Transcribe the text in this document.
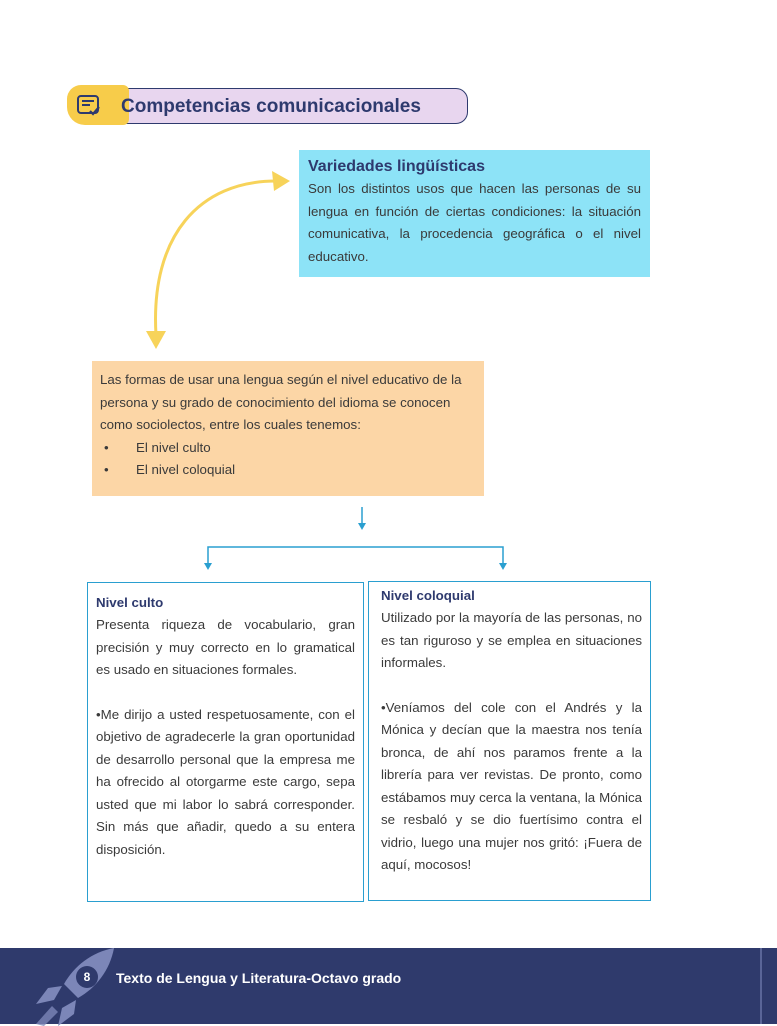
Competencias comunicacionales
Variedades lingüísticas
Son los distintos usos que hacen las personas de su lengua en función de ciertas condiciones: la situación comunicativa, la procedencia geográfica o el nivel educativo.
Las formas de usar una lengua según el nivel educativo de la persona y su grado de conocimiento del idioma se conocen como sociolectos, entre los cuales tenemos:
•	El nivel culto
•	El nivel coloquial
Nivel culto
Presenta riqueza de vocabulario, gran precisión y muy correcto en lo gramatical es usado en situaciones formales.
•Me dirijo a usted respetuosamente, con el objetivo de agradecerle la gran oportunidad de desarrollo personal que la empresa me ha ofrecido al otorgarme este cargo, sepa usted que mi labor lo sabrá corresponder. Sin más que añadir, quedo a su entera disposición.
Nivel coloquial
Utilizado por la mayoría de las personas, no es tan riguroso y se emplea en situaciones informales.
•Veníamos del cole con el Andrés y la Mónica y decían que la maestra nos tenía bronca, de ahí nos paramos frente a la librería para ver revistas. De pronto, como estábamos muy cerca la ventana, la Mónica se resbaló y se dio fuertísimo contra el vidrio, luego una mujer nos gritó: ¡Fuera de aquí, mocosos!
8	Texto de Lengua y Literatura-Octavo grado
